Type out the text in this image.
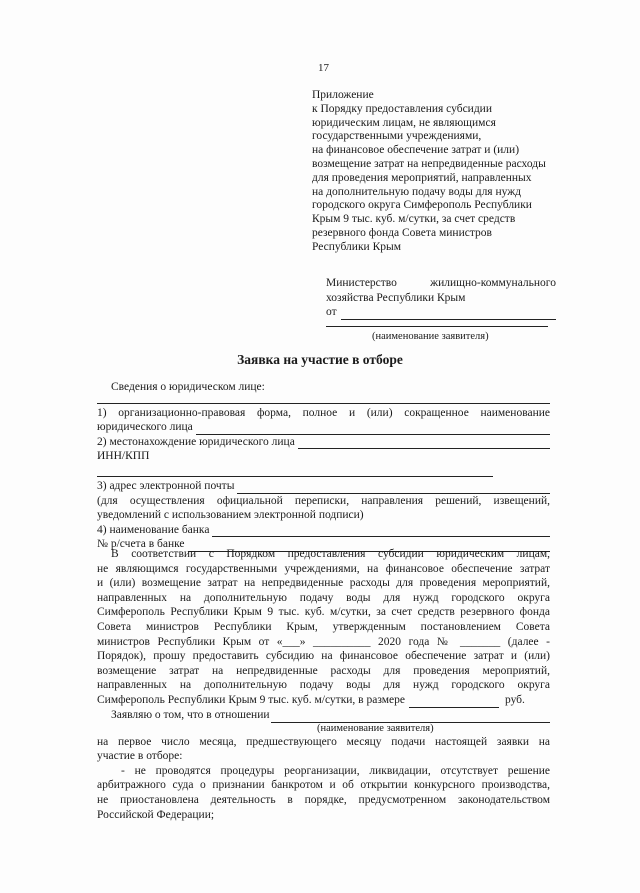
17
Приложение
к Порядку предоставления субсидии
юридическим лицам, не являющимся
государственными учреждениями,
на финансовое обеспечение затрат и (или)
возмещение затрат на непредвиденные расходы
для проведения мероприятий, направленных
на дополнительную подачу воды для нужд
городского округа Симферополь Республики
Крым 9 тыс. куб. м/сутки, за счет средств
резервного фонда Совета министров
Республики Крым
Министерство	жилищно-коммунального
хозяйства Республики Крым
от
(наименование заявителя)
Заявка на участие в отборе
Сведения о юридическом лице:
1) организационно-правовая форма, полное и (или) сокращенное наименование
юридического лица
2) местонахождение юридического лица
ИНН/КПП
3) адрес электронной почты
(для осуществления официальной переписки, направления решений, извещений,
уведомлений с использованием электронной подписи)
4) наименование банка
№ р/счета в банке
В соответствии с Порядком предоставления субсидии юридическим лицам,
не являющимся государственными учреждениями, на финансовое обеспечение затрат
и (или) возмещение затрат на непредвиденные расходы для проведения мероприятий,
направленных на дополнительную подачу воды для нужд городского округа
Симферополь Республики Крым 9 тыс. куб. м/сутки, за счет средств резервного фонда
Совета министров Республики Крым, утвержденным постановлением Совета
министров Республики Крым от «___» __________ 2020 года № _______ (далее -
Порядок), прошу предоставить субсидию на финансовое обеспечение затрат и (или)
возмещение затрат на непредвиденные расходы для проведения мероприятий,
направленных на дополнительную подачу воды для нужд городского округа
Симферополь Республики Крым 9 тыс. куб. м/сутки, в размере	руб.
Заявляю о том, что в отношении
(наименование заявителя)
на первое число месяца, предшествующего месяцу подачи настоящей заявки на
участие в отборе:
- не проводятся процедуры реорганизации, ликвидации, отсутствует решение
арбитражного суда о признании банкротом и об открытии конкурсного производства,
не приостановлена деятельность в порядке, предусмотренном законодательством
Российской Федерации;
